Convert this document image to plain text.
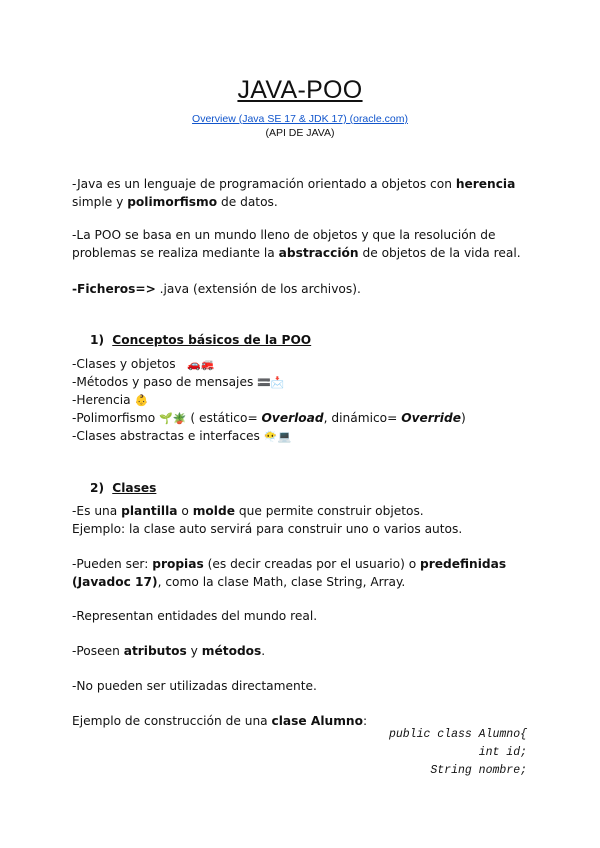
JAVA-POO
Overview (Java SE 17 & JDK 17) (oracle.com)
(API DE JAVA)
-Java es un lenguaje de programación orientado a objetos con herencia simple y polimorfismo de datos.
-La POO se basa en un mundo lleno de objetos y que la resolución de problemas se realiza mediante la abstracción de objetos de la vida real.
-Ficheros=> .java (extensión de los archivos).
1) Conceptos básicos de la POO
-Clases y objetos 🚗🚒
-Métodos y paso de mensajes 🟰📩
-Herencia 👶
-Polimorfismo 🌱🪴 ( estático= Overload, dinámico= Override)
-Clases abstractas e interfaces 😶‍🌫️💻
2) Clases
-Es una plantilla o molde que permite construir objetos.
Ejemplo: la clase auto servirá para construir uno o varios autos.
-Pueden ser: propias (es decir creadas por el usuario) o predefinidas (Javadoc 17), como la clase Math, clase String, Array.
-Representan entidades del mundo real.
-Poseen atributos y métodos.
-No pueden ser utilizadas directamente.
Ejemplo de construcción de una clase Alumno:
public class Alumno{
int id;
String nombre;
